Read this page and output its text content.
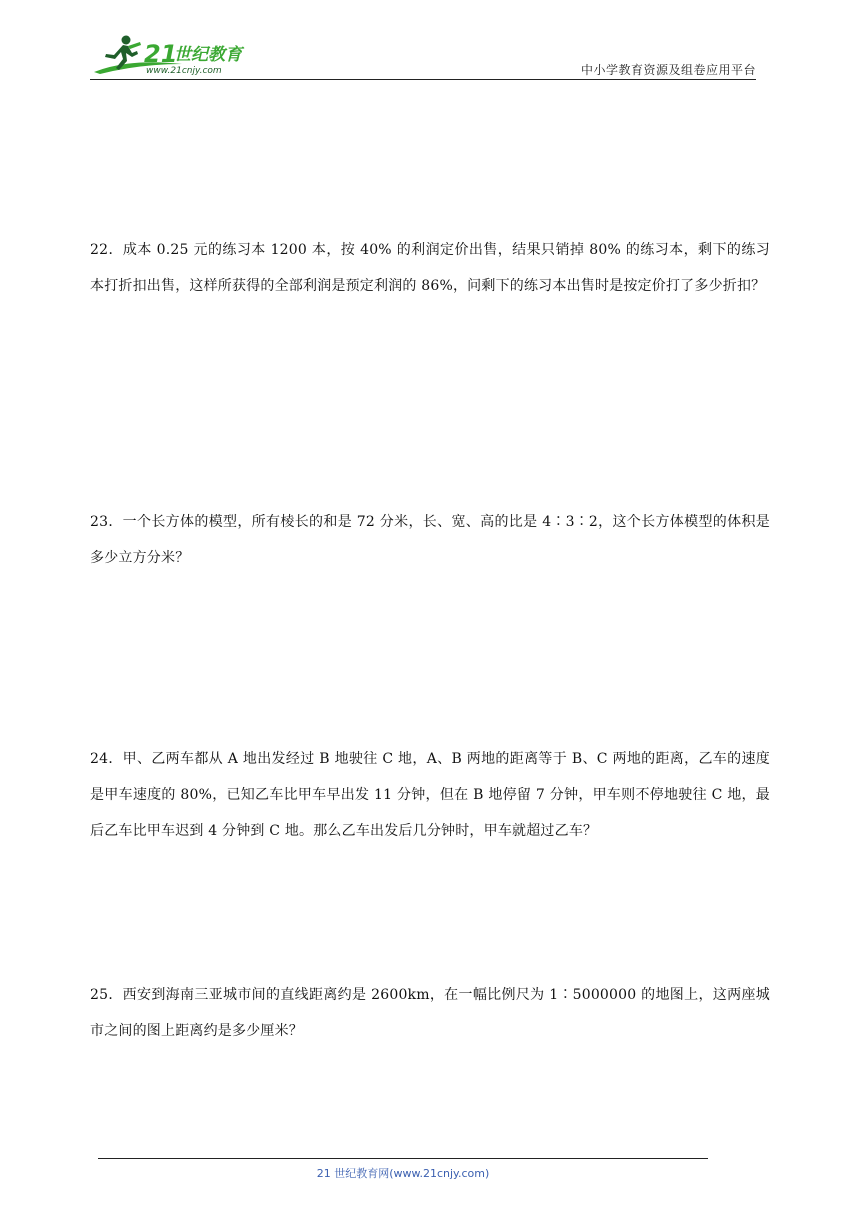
21
世纪教育
www.21cnjy.com	中小学教育资源及组卷应用平台
22．成本 0.25 元的练习本 1200 本，按 40% 的利润定价出售，结果只销掉 80% 的练习本，剩下的练习本打折扣出售，这样所获得的全部利润是预定利润的 86%，问剩下的练习本出售时是按定价打了多少折扣？
23．一个长方体的模型，所有棱长的和是 72 分米，长、宽、高的比是 4∶3∶2，这个长方体模型的体积是多少立方分米？
24．甲、乙两车都从 A 地出发经过 B 地驶往 C 地，A、B 两地的距离等于 B、C 两地的距离，乙车的速度是甲车速度的 80%，已知乙车比甲车早出发 11 分钟，但在 B 地停留 7 分钟，甲车则不停地驶往 C 地，最后乙车比甲车迟到 4 分钟到 C 地。那么乙车出发后几分钟时，甲车就超过乙车？
25．西安到海南三亚城市间的直线距离约是 2600km，在一幅比例尺为 1∶5000000 的地图上，这两座城市之间的图上距离约是多少厘米？
21 世纪教育网(www.21cnjy.com)
